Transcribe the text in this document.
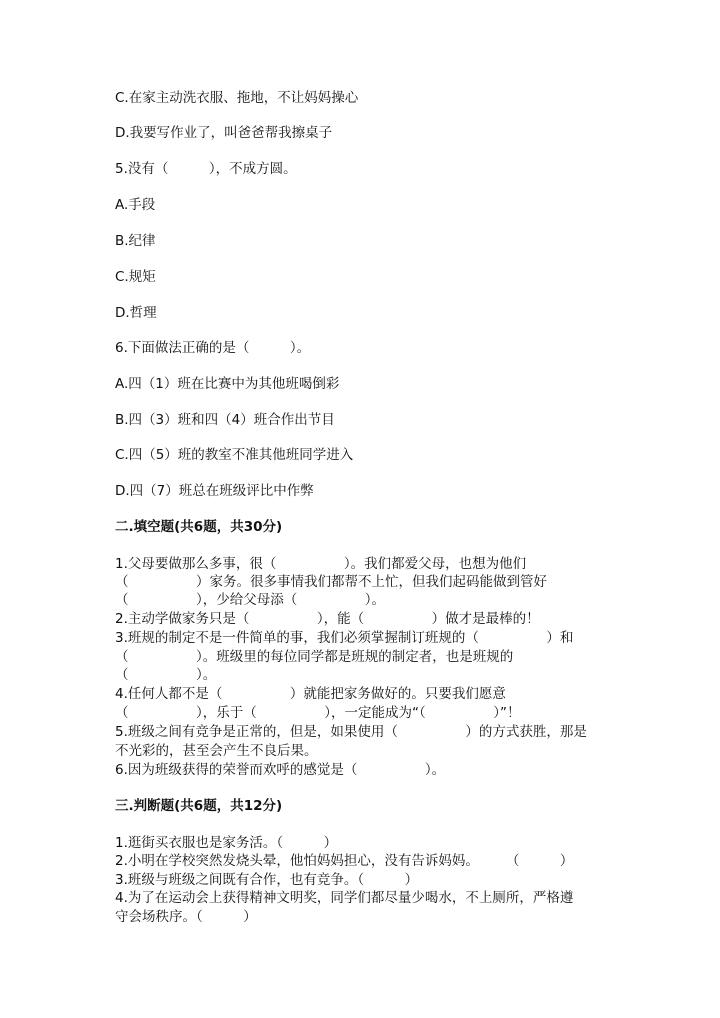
C.在家主动洗衣服、拖地，不让妈妈操心
D.我要写作业了，叫爸爸帮我擦桌子
5.没有（　　　），不成方圆。
A.手段
B.纪律
C.规矩
D.哲理
6.下面做法正确的是（　　　）。
A.四（1）班在比赛中为其他班喝倒彩
B.四（3）班和四（4）班合作出节目
C.四（5）班的教室不准其他班同学进入
D.四（7）班总在班级评比中作弊
二.填空题(共6题，共30分)
1.父母要做那么多事，很（　　　　　）。我们都爱父母，也想为他们
（　　　　　）家务。很多事情我们都帮不上忙，但我们起码能做到管好
（　　　　　），少给父母添（　　　　　）。
2.主动学做家务只是（　　　　　），能（　　　　　）做才是最棒的！
3.班规的制定不是一件简单的事，我们必须掌握制订班规的（　　　　　）和
（　　　　　）。班级里的每位同学都是班规的制定者，也是班规的
（　　　　　）。
4.任何人都不是（　　　　　）就能把家务做好的。只要我们愿意
（　　　　　），乐于（　　　　　），一定能成为“（　　　　　）”！
5.班级之间有竞争是正常的，但是，如果使用（　　　　　）的方式获胜，那是
不光彩的，甚至会产生不良后果。
6.因为班级获得的荣誉而欢呼的感觉是（　　　　　）。
三.判断题(共6题，共12分)
1.逛街买衣服也是家务活。（　　　）
2.小明在学校突然发烧头晕，他怕妈妈担心，没有告诉妈妈。　　　（　　　）
3.班级与班级之间既有合作，也有竞争。（　　　）
4.为了在运动会上获得精神文明奖，同学们都尽量少喝水，不上厕所，严格遵
守会场秩序。（　　　）
